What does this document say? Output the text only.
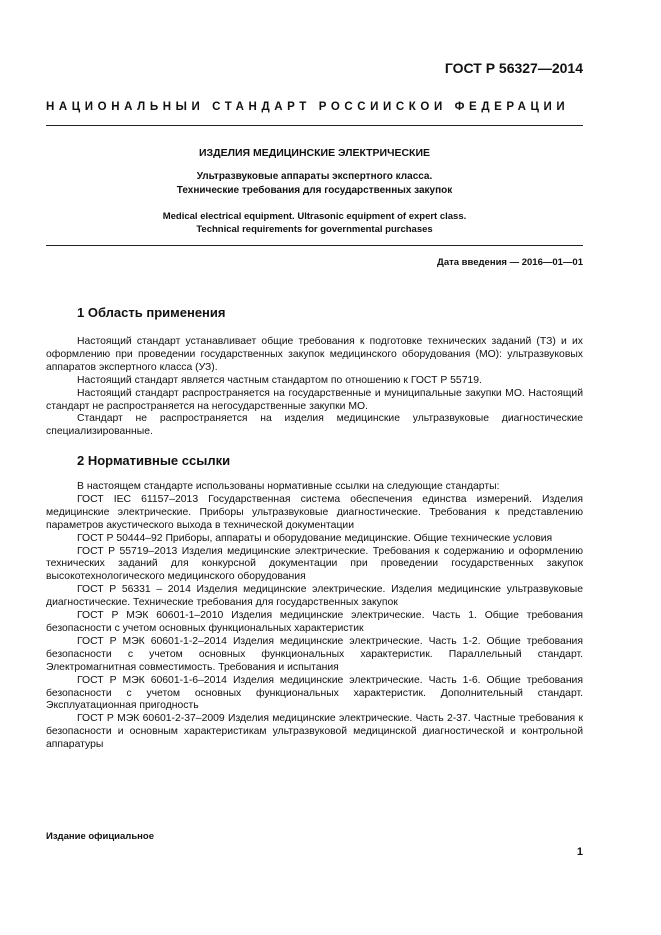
ГОСТ Р 56327—2014
НАЦИОНАЛЬНЫЙ СТАНДАРТ РОССИЙСКОЙ ФЕДЕРАЦИИ
ИЗДЕЛИЯ МЕДИЦИНСКИЕ ЭЛЕКТРИЧЕСКИЕ
Ультразвуковые аппараты экспертного класса.
Технические требования для государственных закупок
Medical electrical equipment. Ultrasonic equipment of expert class.
Technical requirements for governmental purchases
Дата введения — 2016—01—01
1 Область применения

Настоящий стандарт устанавливает общие требования к подготовке технических заданий (ТЗ) и их оформлению при проведении государственных закупок медицинского оборудования (МО): ультразвуковых аппаратов экспертного класса (УЗ).

Настоящий стандарт является частным стандартом по отношению к ГОСТ Р 55719.

Настоящий стандарт распространяется на государственные и муниципальные закупки МО. Настоящий стандарт не распространяется на негосударственные закупки МО.

Стандарт не распространяется на изделия медицинские ультразвуковые диагностические специализированные.

2 Нормативные ссылки

В настоящем стандарте использованы нормативные ссылки на следующие стандарты:

ГОСТ IEC 61157–2013 Государственная система обеспечения единства измерений. Изделия медицинские электрические. Приборы ультразвуковые диагностические. Требования к представлению параметров акустического выхода в технической документации

ГОСТ Р 50444–92 Приборы, аппараты и оборудование медицинские. Общие технические условия

ГОСТ Р 55719–2013 Изделия медицинские электрические. Требования к содержанию и оформлению технических заданий для конкурсной документации при проведении государственных закупок высокотехнологического медицинского оборудования

ГОСТ Р 56331 – 2014 Изделия медицинские электрические. Изделия медицинские ультразвуковые диагностические. Технические требования для государственных закупок

ГОСТ Р МЭК 60601-1–2010 Изделия медицинские электрические. Часть 1. Общие требования безопасности с учетом основных функциональных характеристик

ГОСТ Р МЭК 60601-1-2–2014 Изделия медицинские электрические. Часть 1-2. Общие требования безопасности с учетом основных функциональных характеристик. Параллельный стандарт. Электромагнитная совместимость. Требования и испытания

ГОСТ Р МЭК 60601-1-6–2014 Изделия медицинские электрические. Часть 1-6. Общие требования безопасности с учетом основных функциональных характеристик. Дополнительный стандарт. Эксплуатационная пригодность

ГОСТ Р МЭК 60601-2-37–2009 Изделия медицинские электрические. Часть 2-37. Частные требования к безопасности и основным характеристикам ультразвуковой медицинской диагностической и контрольной аппаратуры

Издание официальное
1
